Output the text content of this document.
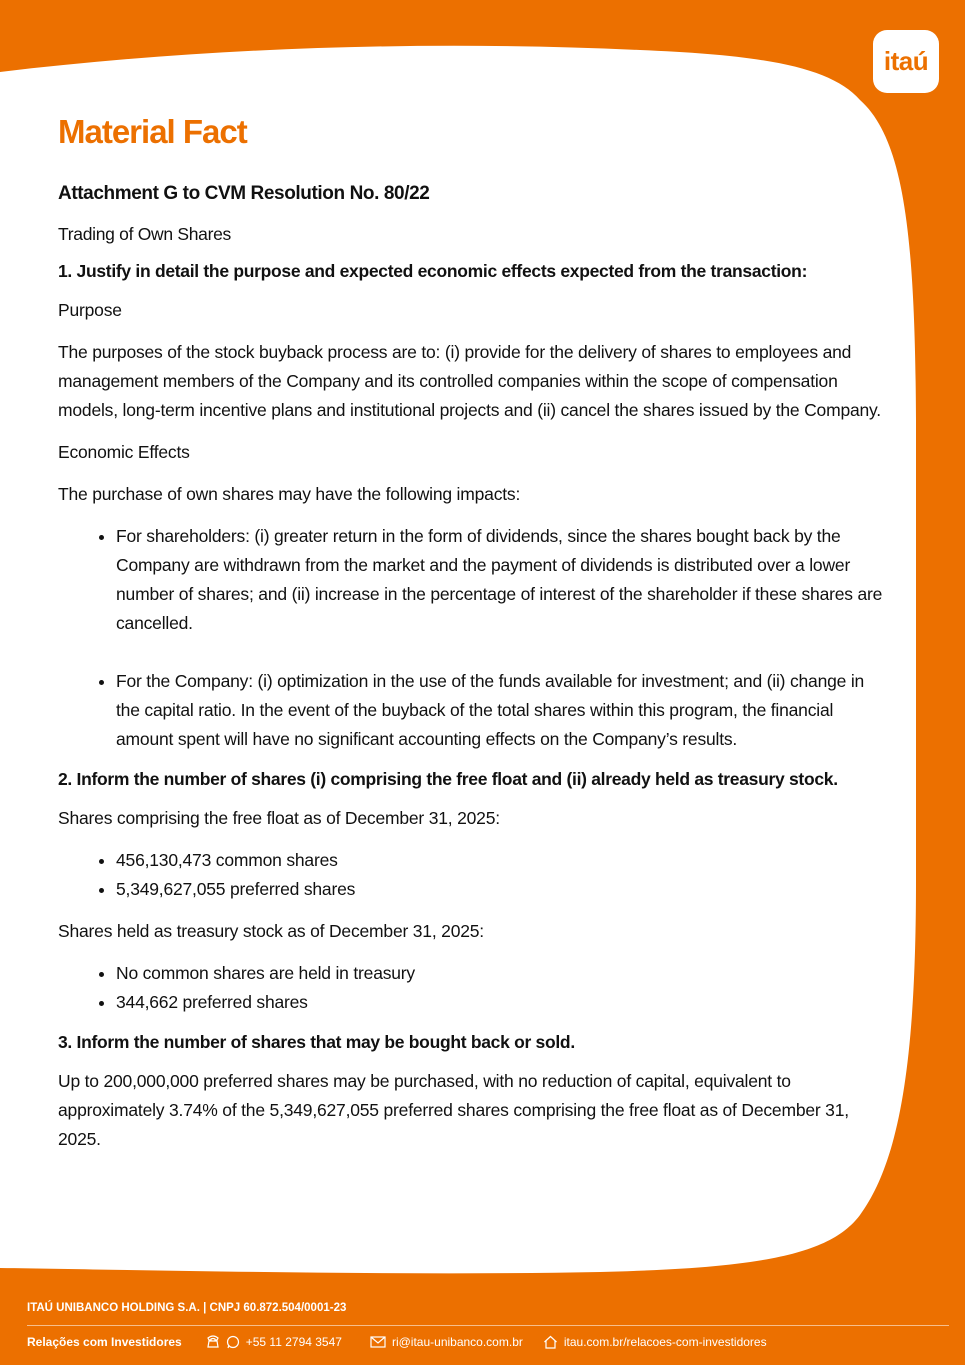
itaú
Material Fact
Attachment G to CVM Resolution No. 80/22
Trading of Own Shares
1. Justify in detail the purpose and expected economic effects expected from the transaction:

Purpose

The purposes of the stock buyback process are to: (i) provide for the delivery of shares to employees and management members of the Company and its controlled companies within the scope of compensation models, long-term incentive plans and institutional projects and (ii) cancel the shares issued by the Company.

Economic Effects

The purchase of own shares may have the following impacts:

• For shareholders: (i) greater return in the form of dividends, since the shares bought back by the Company are withdrawn from the market and the payment of dividends is distributed over a lower number of shares; and (ii) increase in the percentage of interest of the shareholder if these shares are cancelled.
• For the Company: (i) optimization in the use of the funds available for investment; and (ii) change in the capital ratio. In the event of the buyback of the total shares within this program, the financial amount spent will have no significant accounting effects on the Company’s results.
2. Inform the number of shares (i) comprising the free float and (ii) already held as treasury stock.

Shares comprising the free float as of December 31, 2025:

• 456,130,473 common shares
• 5,349,627,055 preferred shares

Shares held as treasury stock as of December 31, 2025:

• No common shares are held in treasury
• 344,662 preferred shares
3. Inform the number of shares that may be bought back or sold.

Up to 200,000,000 preferred shares may be purchased, with no reduction of capital, equivalent to approximately 3.74% of the 5,349,627,055 preferred shares comprising the free float as of December 31, 2025.

ITAÚ UNIBANCO HOLDING S.A. | CNPJ 60.872.504/0001-23
Relações com Investidores	+55 11 2794 3547	ri@itau-unibanco.com.br	itau.com.br/relacoes-com-investidores
